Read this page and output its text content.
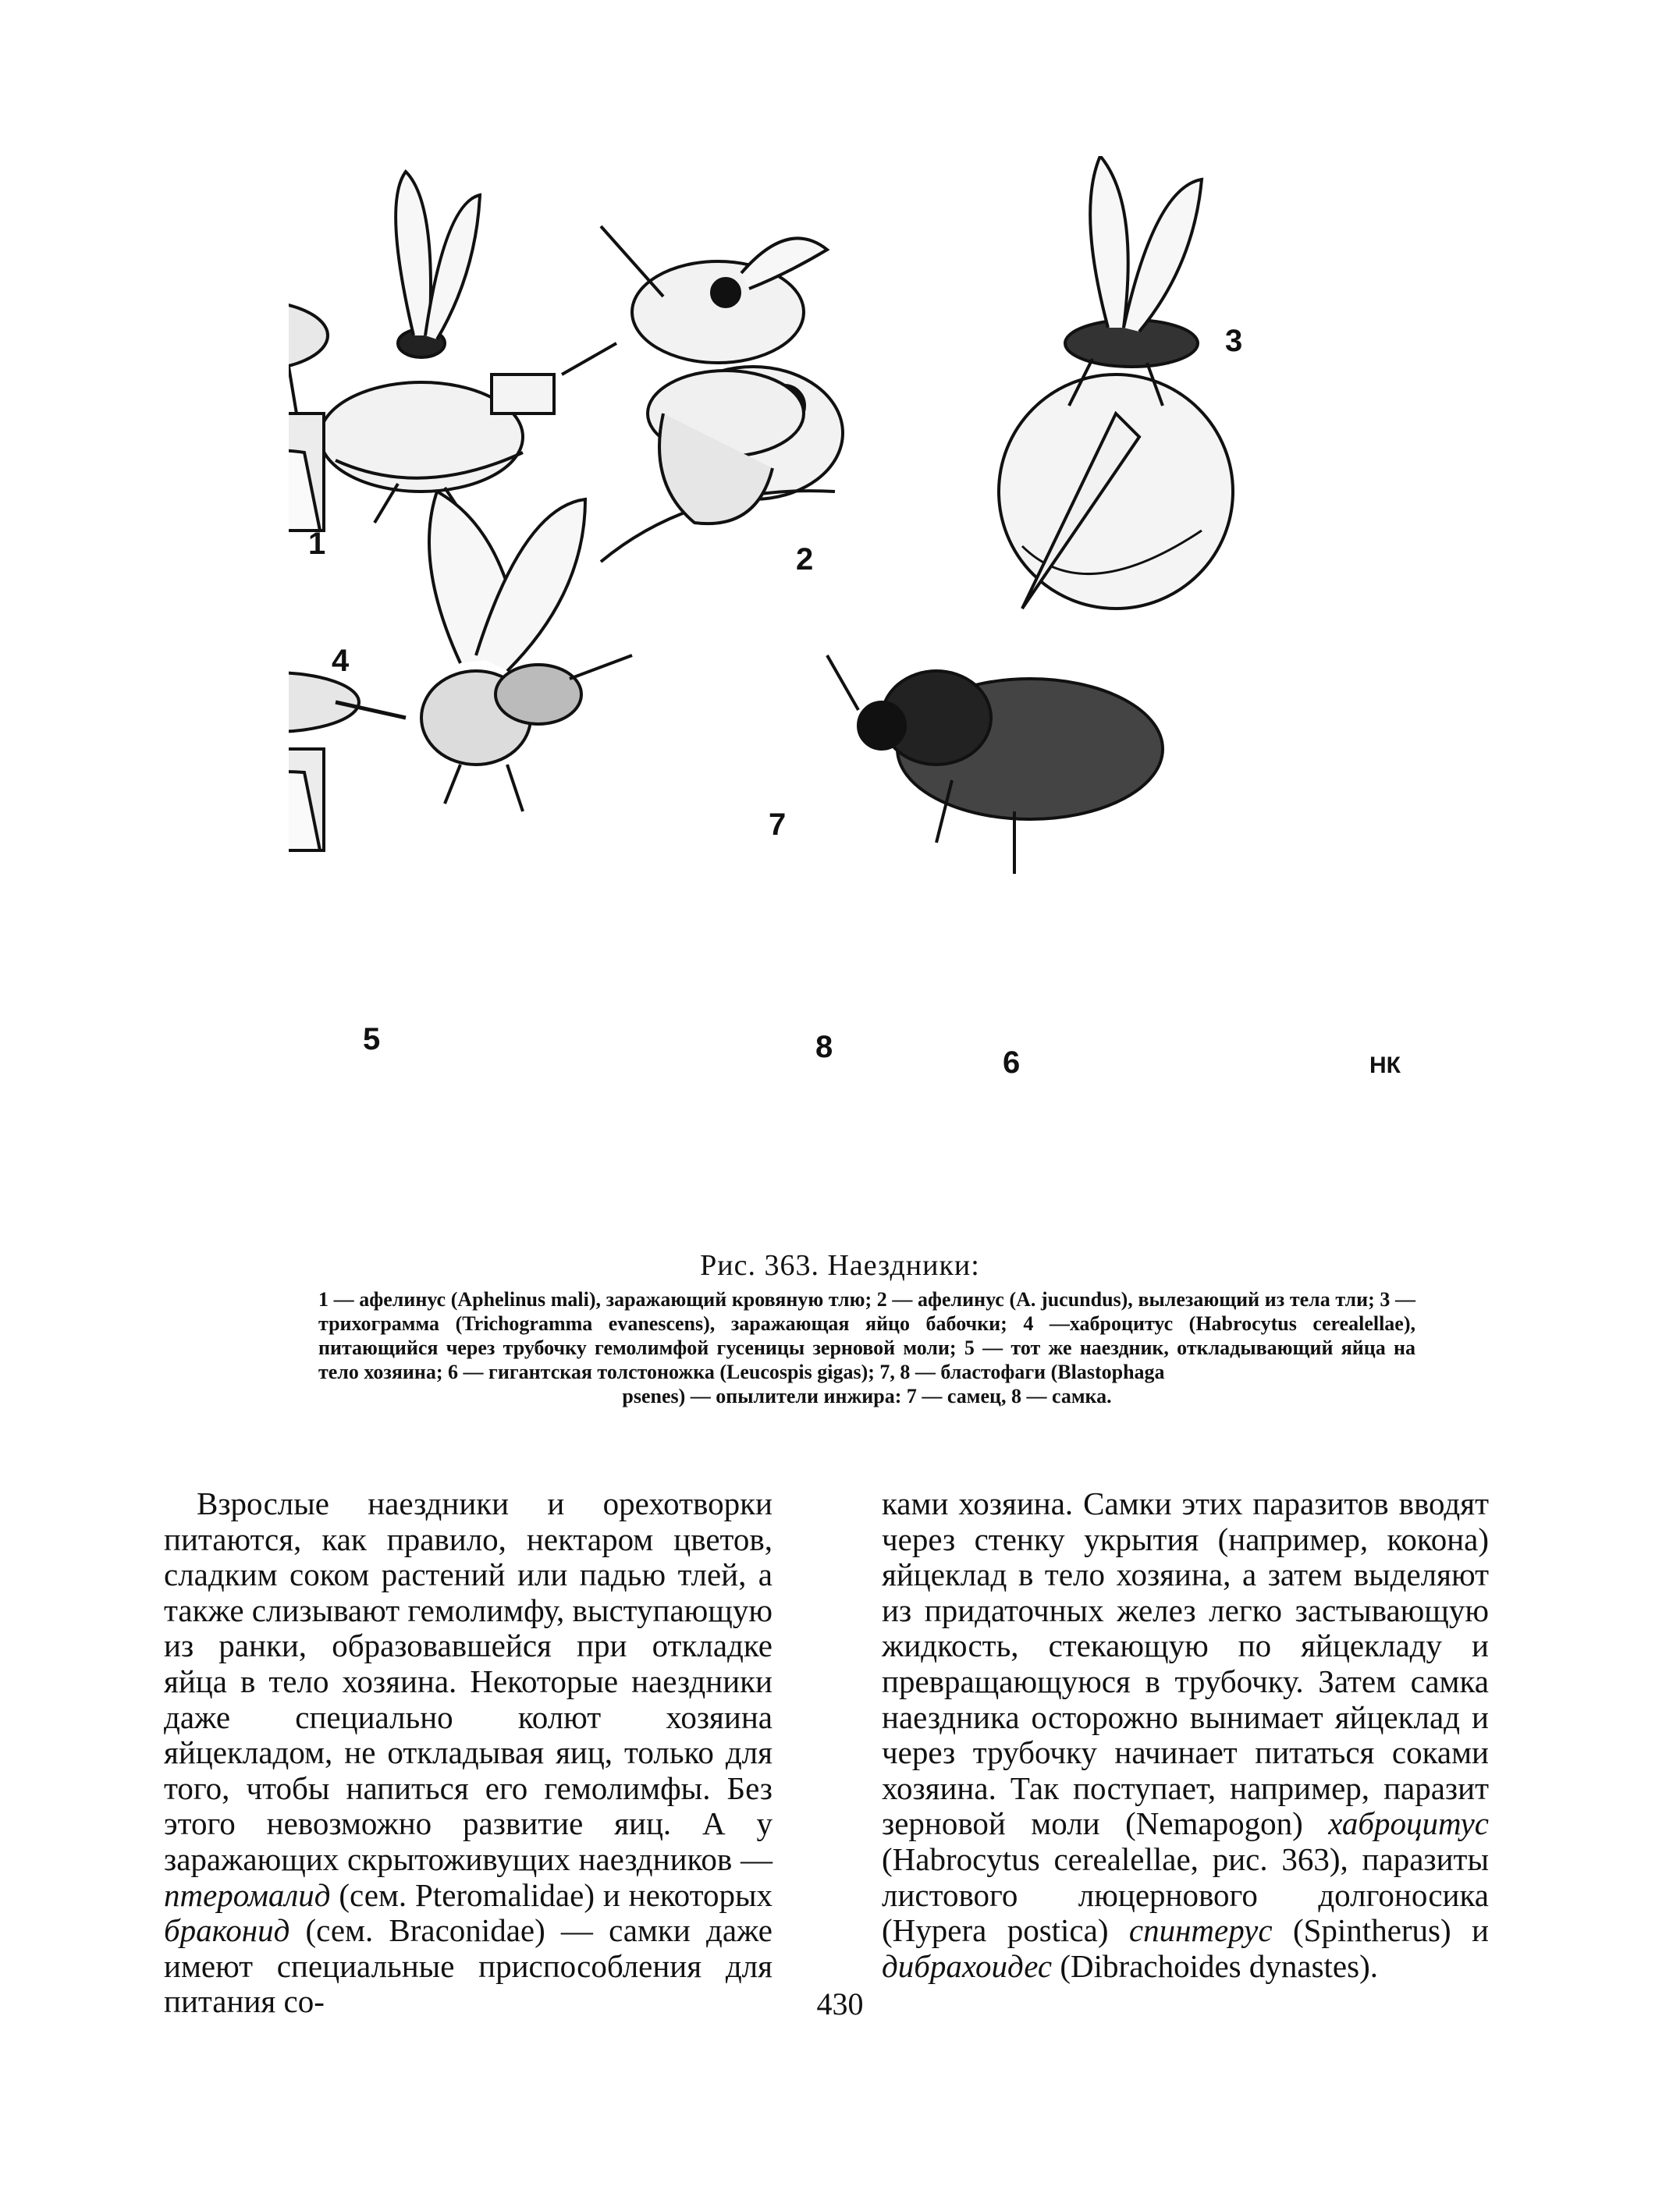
1	2
3
4
5
6
7
8
НК
Рис. 363. Наездники:
1 — афелинус (Aphelinus mali), заражающий кровяную тлю; 2 — афелинус (A. jucundus), вылезающий из тела тли; 3 — трихограмма (Trichogramma evanescens), заражающая яйцо бабочки; 4 —хаброцитус (Habrocytus cerealellae), питающийся через трубочку гемолимфой гусеницы зерновой моли; 5 — тот же наездник, откладывающий яйца на тело хозяина; 6 — гигантская толстоножка (Leucospis gigas); 7, 8 — бластофаги (Blastophaga
psenes) — опылители инжира: 7 — самец, 8 — самка.

Взрослые наездники и орехотворки питаются, как правило, нектаром цветов, сладким соком растений или падью тлей, а также слизывают гемолимфу, выступающую из ранки, образовавшейся при откладке яйца в тело хозяина. Некоторые наездники даже специально колют хозяина яйцекладом, не откладывая яиц, только для того, чтобы напиться его гемолимфы. Без этого невозможно развитие яиц. А у заражающих скрытоживущих наездников — птеромалид (сем. Pteromalidae) и некоторых браконид (сем. Braconidae) — самки даже имеют специальные приспособления для питания со-

ками хозяина. Самки этих паразитов вводят через стенку укрытия (например, кокона) яйцеклад в тело хозяина, а затем выделяют из придаточных желез легко застывающую жидкость, стекающую по яйцекладу и превращающуюся в трубочку. Затем самка наездника осторожно вынимает яйцеклад и через трубочку начинает питаться соками хозяина. Так поступает, например, паразит зерновой моли (Nemapogon) хаброцитус (Habrocytus cerealellae, рис. 363), паразиты листового люцернового долгоносика (Hypera postica) спинтерус (Spintherus) и дибрахоидес (Dibrachoides dynastes).

430
